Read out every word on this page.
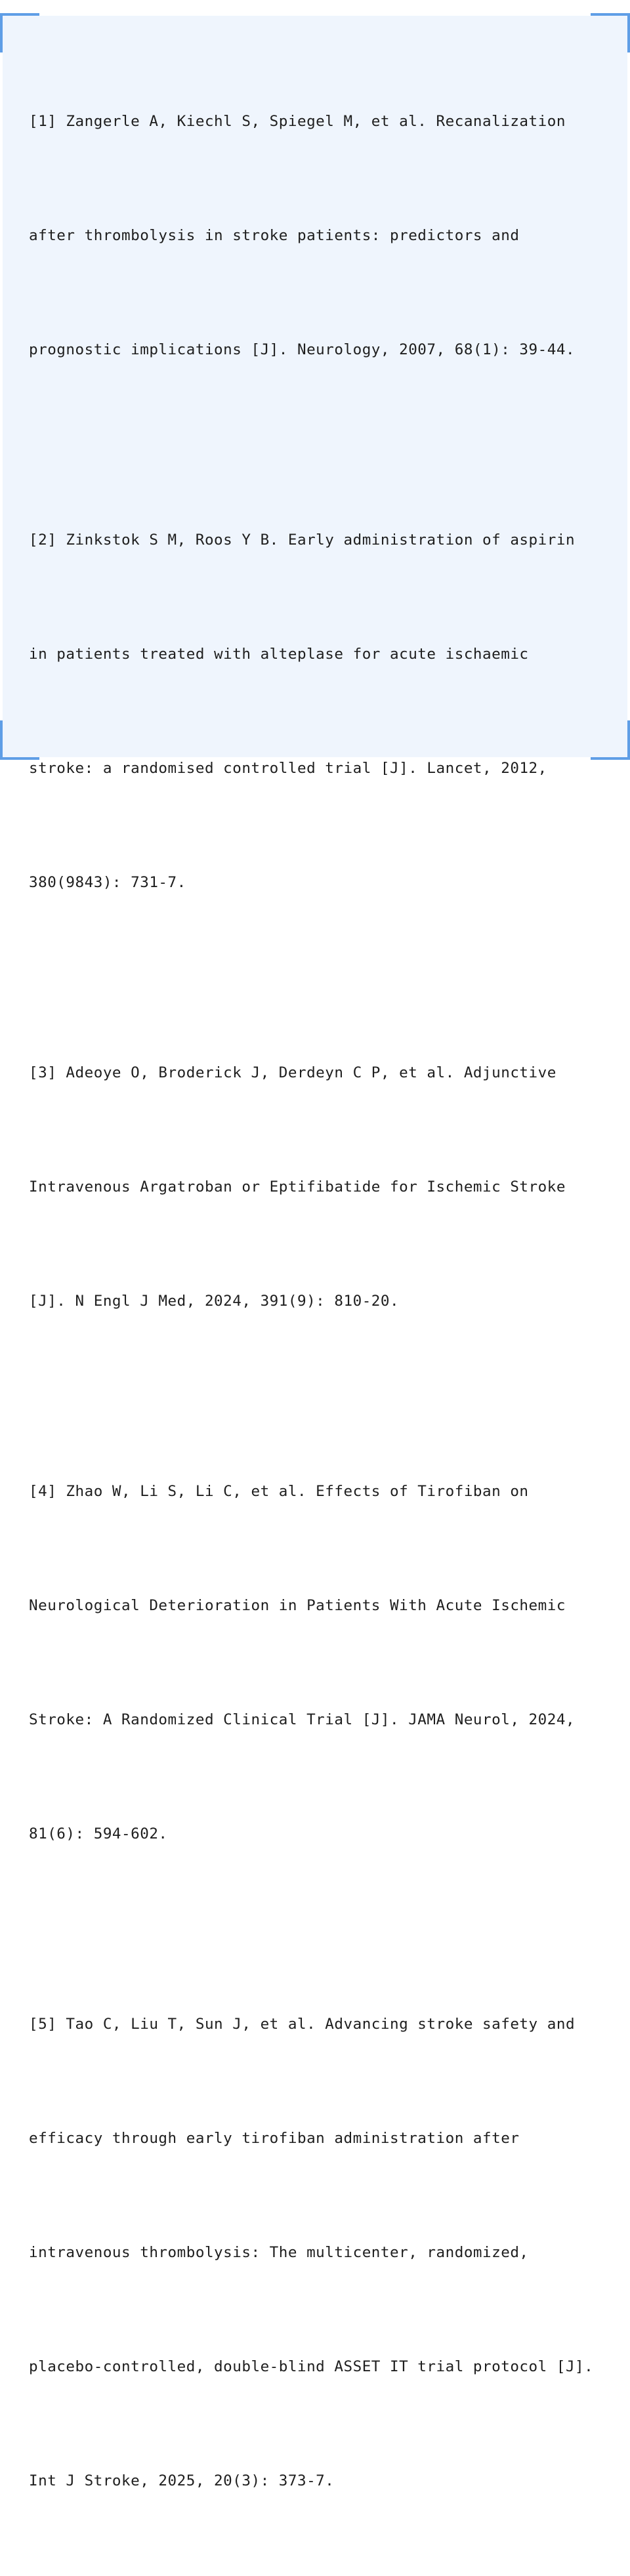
[1] Zangerle A, Kiechl S, Spiegel M, et al. Recanalization

after thrombolysis in stroke patients: predictors and

prognostic implications [J]. Neurology, 2007, 68(1): 39-44.

[2] Zinkstok S M, Roos Y B. Early administration of aspirin

in patients treated with alteplase for acute ischaemic

stroke: a randomised controlled trial [J]. Lancet, 2012,

380(9843): 731-7.

[3] Adeoye O, Broderick J, Derdeyn C P, et al. Adjunctive

Intravenous Argatroban or Eptifibatide for Ischemic Stroke

[J]. N Engl J Med, 2024, 391(9): 810-20.

[4] Zhao W, Li S, Li C, et al. Effects of Tirofiban on

Neurological Deterioration in Patients With Acute Ischemic

Stroke: A Randomized Clinical Trial [J]. JAMA Neurol, 2024,

81(6): 594-602.

[5] Tao C, Liu T, Sun J, et al. Advancing stroke safety and

efficacy through early tirofiban administration after

intravenous thrombolysis: The multicenter, randomized,

placebo-controlled, double-blind ASSET IT trial protocol [J].

Int J Stroke, 2025, 20(3): 373-7.
